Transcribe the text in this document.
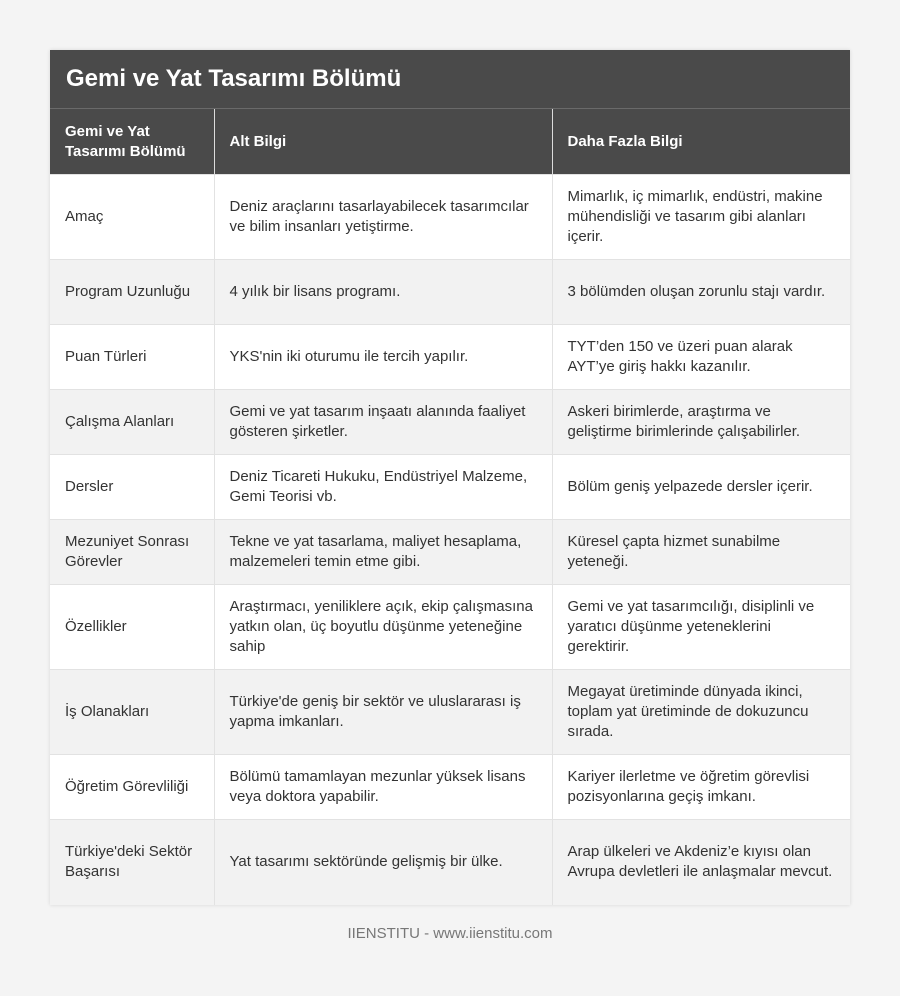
Gemi ve Yat Tasarımı Bölümü
Gemi ve Yat Tasarımı Bölümü	Alt Bilgi	Daha Fazla Bilgi
Amaç	Deniz araçlarını tasarlayabilecek tasarımcılar ve bilim insanları yetiştirme.	Mimarlık, iç mimarlık, endüstri, makine mühendisliği ve tasarım gibi alanları içerir.
Program Uzunluğu	4 yılık bir lisans programı.	3 bölümden oluşan zorunlu stajı vardır.
Puan Türleri	YKS'nin iki oturumu ile tercih yapılır.	TYT’den 150 ve üzeri puan alarak AYT’ye giriş hakkı kazanılır.
Çalışma Alanları	Gemi ve yat tasarım inşaatı alanında faaliyet gösteren şirketler.	Askeri birimlerde, araştırma ve geliştirme birimlerinde çalışabilirler.
Dersler	Deniz Ticareti Hukuku, Endüstriyel Malzeme, Gemi Teorisi vb.	Bölüm geniş yelpazede dersler içerir.
Mezuniyet Sonrası Görevler	Tekne ve yat tasarlama, maliyet hesaplama, malzemeleri temin etme gibi.	Küresel çapta hizmet sunabilme yeteneği.
Özellikler	Araştırmacı, yeniliklere açık, ekip çalışmasına yatkın olan, üç boyutlu düşünme yeteneğine sahip	Gemi ve yat tasarımcılığı, disiplinli ve yaratıcı düşünme yeteneklerini gerektirir.
İş Olanakları	Türkiye'de geniş bir sektör ve uluslararası iş yapma imkanları.	Megayat üretiminde dünyada ikinci, toplam yat üretiminde de dokuzuncu sırada.
Öğretim Görevliliği	Bölümü tamamlayan mezunlar yüksek lisans veya doktora yapabilir.	Kariyer ilerletme ve öğretim görevlisi pozisyonlarına geçiş imkanı.
Türkiye'deki Sektör Başarısı	Yat tasarımı sektöründe gelişmiş bir ülke.	Arap ülkeleri ve Akdeniz’e kıyısı olan Avrupa devletleri ile anlaşmalar mevcut.
IIENSTITU - www.iienstitu.com
